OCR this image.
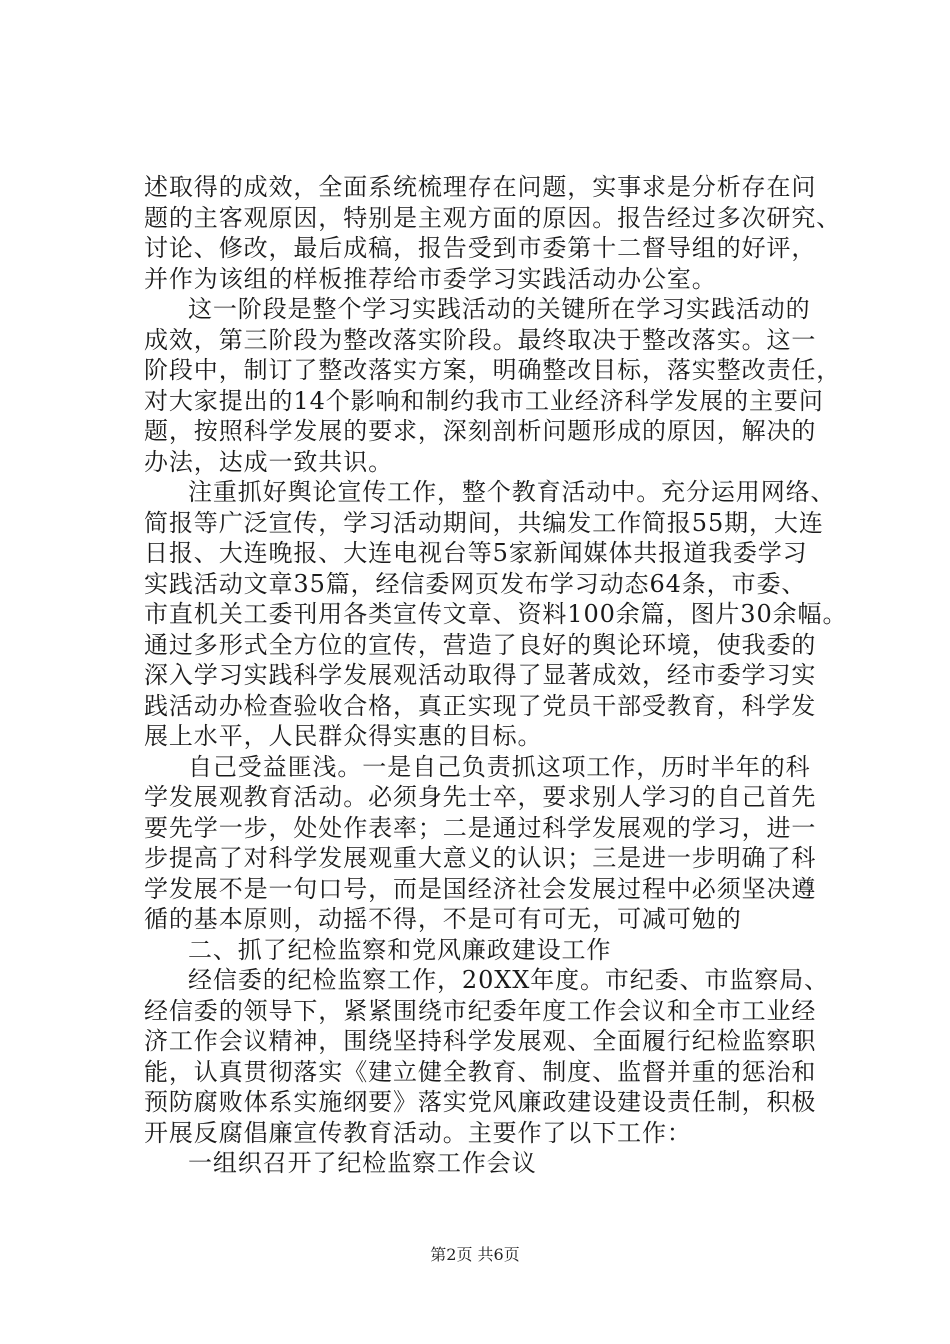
述取得的成效，全面系统梳理存在问题，实事求是分析存在问
题的主客观原因，特别是主观方面的原因。报告经过多次研究、
讨论、修改，最后成稿，报告受到市委第十二督导组的好评，
并作为该组的样板推荐给市委学习实践活动办公室。
这一阶段是整个学习实践活动的关键所在学习实践活动的
成效，第三阶段为整改落实阶段。最终取决于整改落实。这一
阶段中，制订了整改落实方案，明确整改目标，落实整改责任，
对大家提出的14个影响和制约我市工业经济科学发展的主要问
题，按照科学发展的要求，深刻剖析问题形成的原因，解决的
办法，达成一致共识。
注重抓好舆论宣传工作，整个教育活动中。充分运用网络、
简报等广泛宣传，学习活动期间，共编发工作简报55期，大连
日报、大连晚报、大连电视台等5家新闻媒体共报道我委学习
实践活动文章35篇，经信委网页发布学习动态64条，市委、
市直机关工委刊用各类宣传文章、资料100余篇，图片30余幅。
通过多形式全方位的宣传，营造了良好的舆论环境，使我委的
深入学习实践科学发展观活动取得了显著成效，经市委学习实
践活动办检查验收合格，真正实现了党员干部受教育，科学发
展上水平，人民群众得实惠的目标。
自己受益匪浅。一是自己负责抓这项工作，历时半年的科
学发展观教育活动。必须身先士卒，要求别人学习的自己首先
要先学一步，处处作表率；二是通过科学发展观的学习，进一
步提高了对科学发展观重大意义的认识；三是进一步明确了科
学发展不是一句口号，而是国经济社会发展过程中必须坚决遵
循的基本原则，动摇不得，不是可有可无，可减可勉的
二、抓了纪检监察和党风廉政建设工作
经信委的纪检监察工作，20XX年度。市纪委、市监察局、
经信委的领导下，紧紧围绕市纪委年度工作会议和全市工业经
济工作会议精神，围绕坚持科学发展观、全面履行纪检监察职
能，认真贯彻落实《建立健全教育、制度、监督并重的惩治和
预防腐败体系实施纲要》落实党风廉政建设建设责任制，积极
开展反腐倡廉宣传教育活动。主要作了以下工作：
一组织召开了纪检监察工作会议
第2页 共6页
